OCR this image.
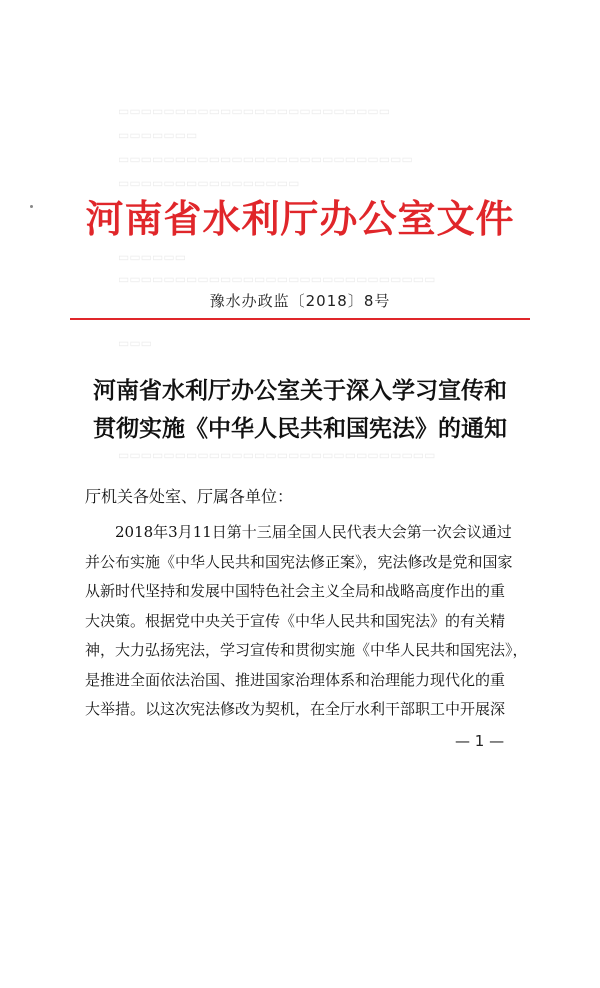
▭▭▭▭▭▭▭▭▭▭▭▭▭▭▭▭▭▭▭▭▭▭▭▭
▭▭▭▭▭▭▭
▭▭▭▭▭▭▭▭▭▭▭▭▭▭▭▭▭▭▭▭▭▭▭▭▭▭
▭▭▭▭▭▭▭▭▭▭▭▭▭▭▭▭
▭▭▭▭▭▭
▭▭▭▭▭▭▭▭▭▭▭▭▭▭▭▭▭▭▭▭▭▭▭▭▭▭▭▭
▭▭▭
▭▭▭▭▭▭▭▭▭▭▭▭▭▭▭▭▭▭▭▭▭▭▭▭▭▭▭▭
河南省水利厅办公室文件
豫水办政监〔2018〕8号
河南省水利厅办公室关于深入学习宣传和
贯彻实施《中华人民共和国宪法》的通知
厅机关各处室、厅属各单位：
　　2018年3月11日第十三届全国人民代表大会第一次会议通过
并公布实施《中华人民共和国宪法修正案》，宪法修改是党和国家
从新时代坚持和发展中国特色社会主义全局和战略高度作出的重
大决策。根据党中央关于宣传《中华人民共和国宪法》的有关精
神，大力弘扬宪法，学习宣传和贯彻实施《中华人民共和国宪法》，
是推进全面依法治国、推进国家治理体系和治理能力现代化的重
大举措。以这次宪法修改为契机，在全厅水利干部职工中开展深
— 1 —
